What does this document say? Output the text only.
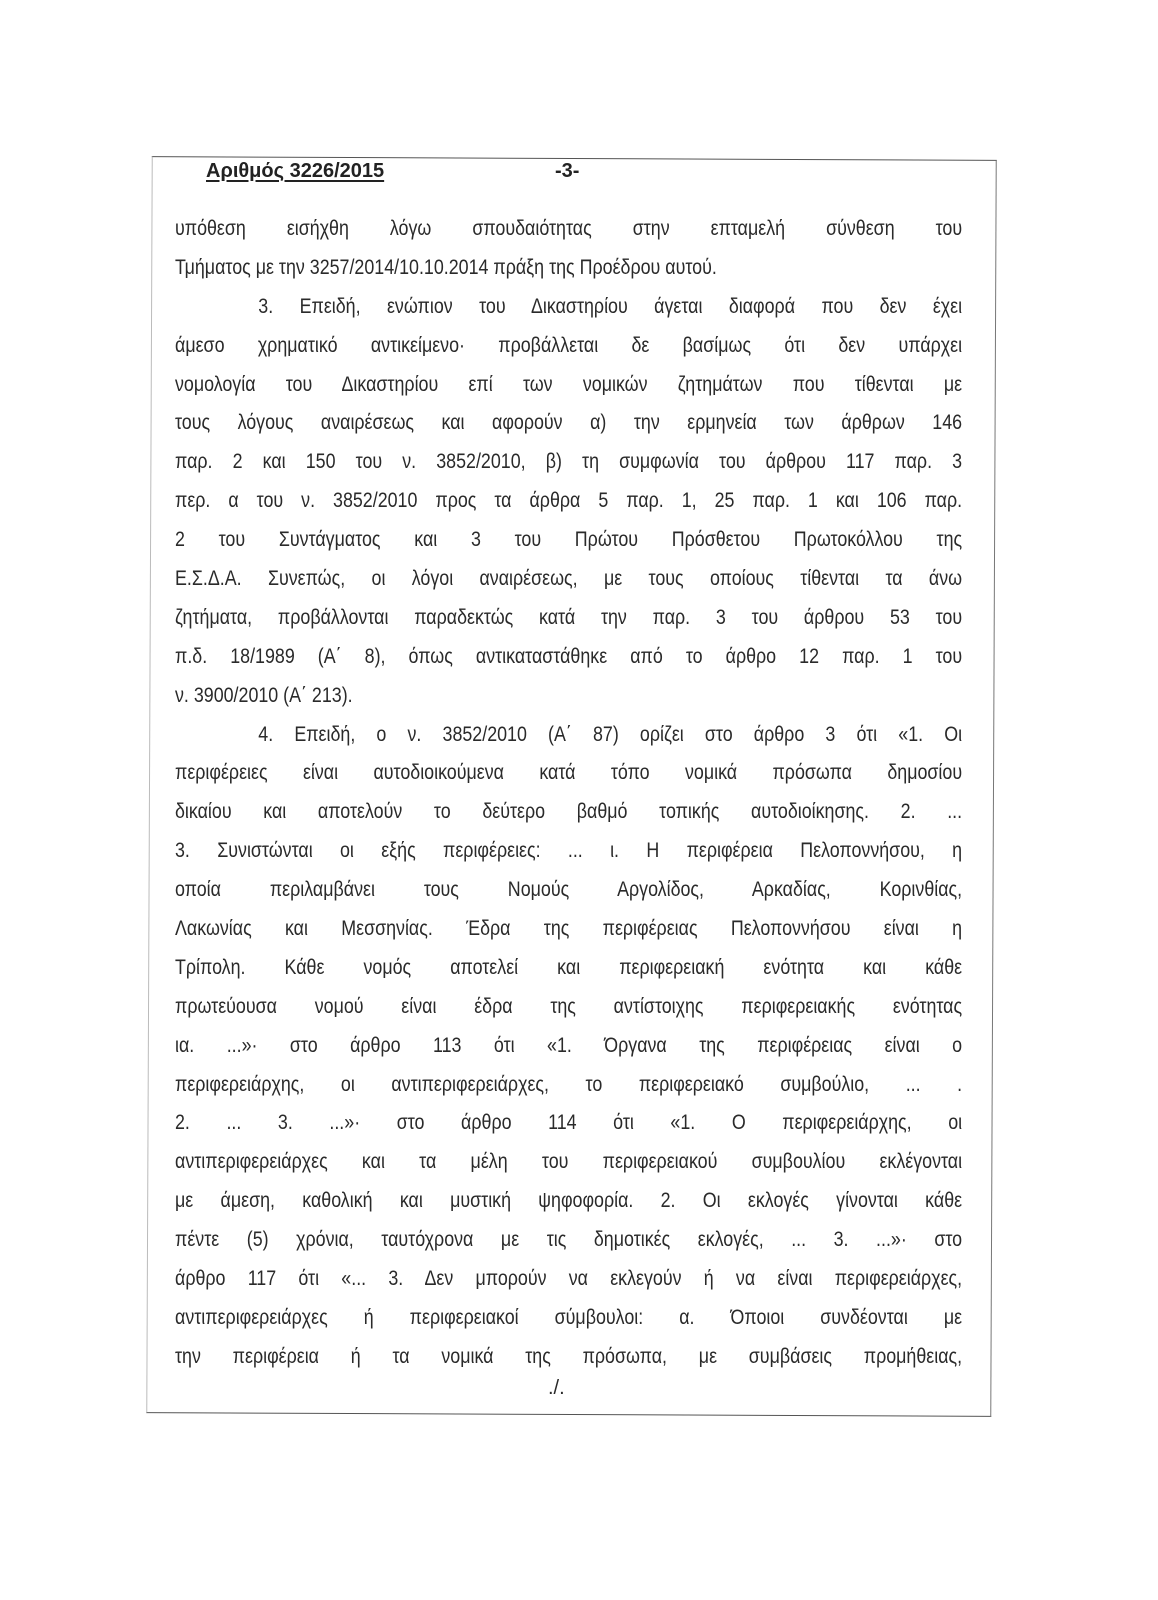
Αριθμός 3226/2015	-3-
υπόθεση εισήχθη λόγω σπουδαιότητας στην επταμελή σύνθεση του
Τμήματος με την 3257/2014/10.10.2014 πράξη της Προέδρου αυτού.
3. Επειδή, ενώπιον του Δικαστηρίου άγεται διαφορά που δεν έχει
άμεσο χρηματικό αντικείμενο· προβάλλεται δε βασίμως ότι δεν υπάρχει
νομολογία του Δικαστηρίου επί των νομικών ζητημάτων που τίθενται με
τους λόγους αναιρέσεως και αφορούν α) την ερμηνεία των άρθρων 146
παρ. 2 και 150 του ν. 3852/2010, β) τη συμφωνία του άρθρου 117 παρ. 3
περ. α του ν. 3852/2010 προς τα άρθρα 5 παρ. 1, 25 παρ. 1 και 106 παρ.
2 του Συντάγματος και 3 του Πρώτου Πρόσθετου Πρωτοκόλλου της
Ε.Σ.Δ.Α. Συνεπώς, οι λόγοι αναιρέσεως, με τους οποίους τίθενται τα άνω
ζητήματα, προβάλλονται παραδεκτώς κατά την παρ. 3 του άρθρου 53 του
π.δ. 18/1989 (Α΄ 8), όπως αντικαταστάθηκε από το άρθρο 12 παρ. 1 του
ν. 3900/2010 (Α΄ 213).
4. Επειδή, ο ν. 3852/2010 (Α΄ 87) ορίζει στο άρθρο 3 ότι «1. Οι
περιφέρειες είναι αυτοδιοικούμενα κατά τόπο νομικά πρόσωπα δημοσίου
δικαίου και αποτελούν το δεύτερο βαθμό τοπικής αυτοδιοίκησης. 2. ...
3. Συνιστώνται οι εξής περιφέρειες: ... ι. Η περιφέρεια Πελοποννήσου, η
οποία περιλαμβάνει τους Νομούς Αργολίδος, Αρκαδίας, Κορινθίας,
Λακωνίας και Μεσσηνίας. Έδρα της περιφέρειας Πελοποννήσου είναι η
Τρίπολη. Κάθε νομός αποτελεί και περιφερειακή ενότητα και κάθε
πρωτεύουσα νομού είναι έδρα της αντίστοιχης περιφερειακής ενότητας
ια. ...»· στο άρθρο 113 ότι «1. Όργανα της περιφέρειας είναι ο
περιφερειάρχης, οι αντιπεριφερειάρχες, το περιφερειακό συμβούλιο, ... .
2. ... 3. ...»· στο άρθρο 114 ότι «1. Ο περιφερειάρχης, οι
αντιπεριφερειάρχες και τα μέλη του περιφερειακού συμβουλίου εκλέγονται
με άμεση, καθολική και μυστική ψηφοφορία. 2. Οι εκλογές γίνονται κάθε
πέντε (5) χρόνια, ταυτόχρονα με τις δημοτικές εκλογές, ... 3. ...»· στο
άρθρο 117 ότι «... 3. Δεν μπορούν να εκλεγούν ή να είναι περιφερειάρχες,
αντιπεριφερειάρχες ή περιφερειακοί σύμβουλοι: α. Όποιοι συνδέονται με
την περιφέρεια ή τα νομικά της πρόσωπα, με συμβάσεις προμήθειας,
./.
